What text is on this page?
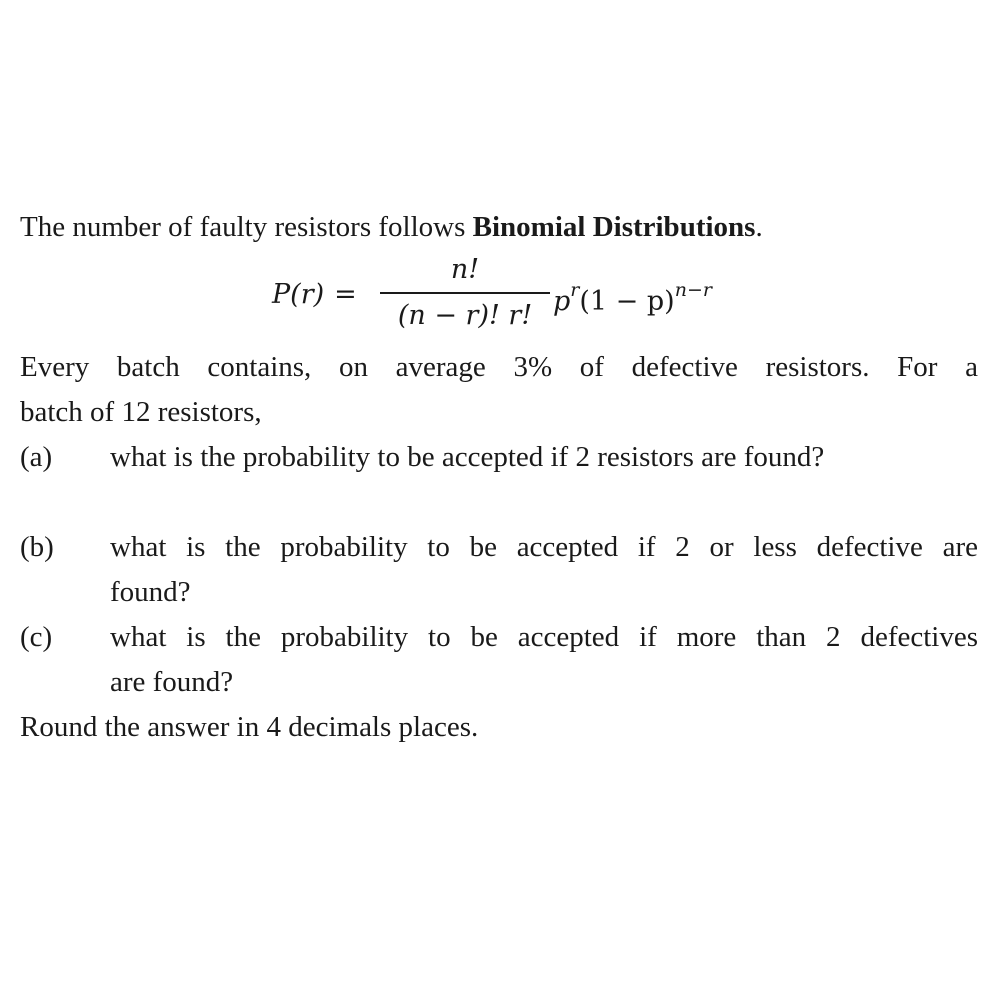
The number of faulty resistors follows Binomial Distributions.
P(r) =
n!
(n − r)! r! $p^r(1 - p)^{n-r}$
Every batch contains, on average 3% of defective resistors. For a
batch of 12 resistors,
(a) what is the probability to be accepted if 2 resistors are found?
(b) what is the probability to be accepted if 2 or less defective are
found?
(c) what is the probability to be accepted if more than 2 defectives
are found?
Round the answer in 4 decimals places.
